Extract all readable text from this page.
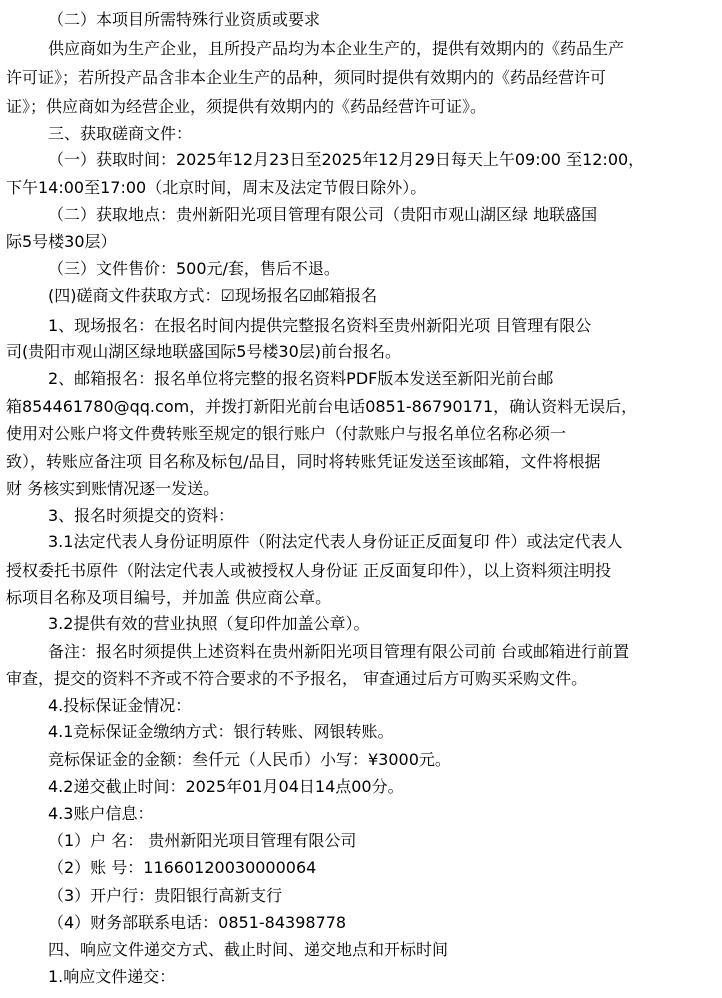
（二）本项目所需特殊行业资质或要求
供应商如为生产企业，且所投产品均为本企业生产的，提供有效期内的《药品生产
许可证》；若所投产品含非本企业生产的品种，须同时提供有效期内的《药品经营许可
证》；供应商如为经营企业，须提供有效期内的《药品经营许可证》。
三、获取磋商文件：
（一）获取时间：2025年12月23日至2025年12月29日每天上午09:00 至12:00，
下午14:00至17:00（北京时间，周末及法定节假日除外）。
（二）获取地点：贵州新阳光项目管理有限公司（贵阳市观山湖区绿 地联盛国
际5号楼30层）
（三）文件售价：500元/套，售后不退。
(四)磋商文件获取方式：☑现场报名☑邮箱报名
1、现场报名：在报名时间内提供完整报名资料至贵州新阳光项 目管理有限公
司(贵阳市观山湖区绿地联盛国际5号楼30层)前台报名。
2、邮箱报名：报名单位将完整的报名资料PDF版本发送至新阳光前台邮
箱854461780@qq.com，并拨打新阳光前台电话0851-86790171，确认资料无误后，
使用对公账户将文件费转账至规定的银行账户（付款账户与报名单位名称必须一
致），转账应备注项 目名称及标包/品目，同时将转账凭证发送至该邮箱，文件将根据
财 务核实到账情况逐一发送。
3、报名时须提交的资料：
3.1法定代表人身份证明原件（附法定代表人身份证正反面复印 件）或法定代表人
授权委托书原件（附法定代表人或被授权人身份证 正反面复印件），以上资料须注明投
标项目名称及项目编号，并加盖 供应商公章。
3.2提供有效的营业执照（复印件加盖公章）。
备注：报名时须提供上述资料在贵州新阳光项目管理有限公司前 台或邮箱进行前置
审查，提交的资料不齐或不符合要求的不予报名， 审查通过后方可购买采购文件。
4.投标保证金情况：
4.1竞标保证金缴纳方式：银行转账、网银转账。
竞标保证金的金额：叁仟元（人民币）小写：¥3000元。
4.2递交截止时间：2025年01月04日14点00分。
4.3账户信息：
（1）户 名： 贵州新阳光项目管理有限公司
（2）账 号：11660120030000064
（3）开户行：贵阳银行高新支行
（4）财务部联系电话：0851-84398778
四、响应文件递交方式、截止时间、递交地点和开标时间
1.响应文件递交：
